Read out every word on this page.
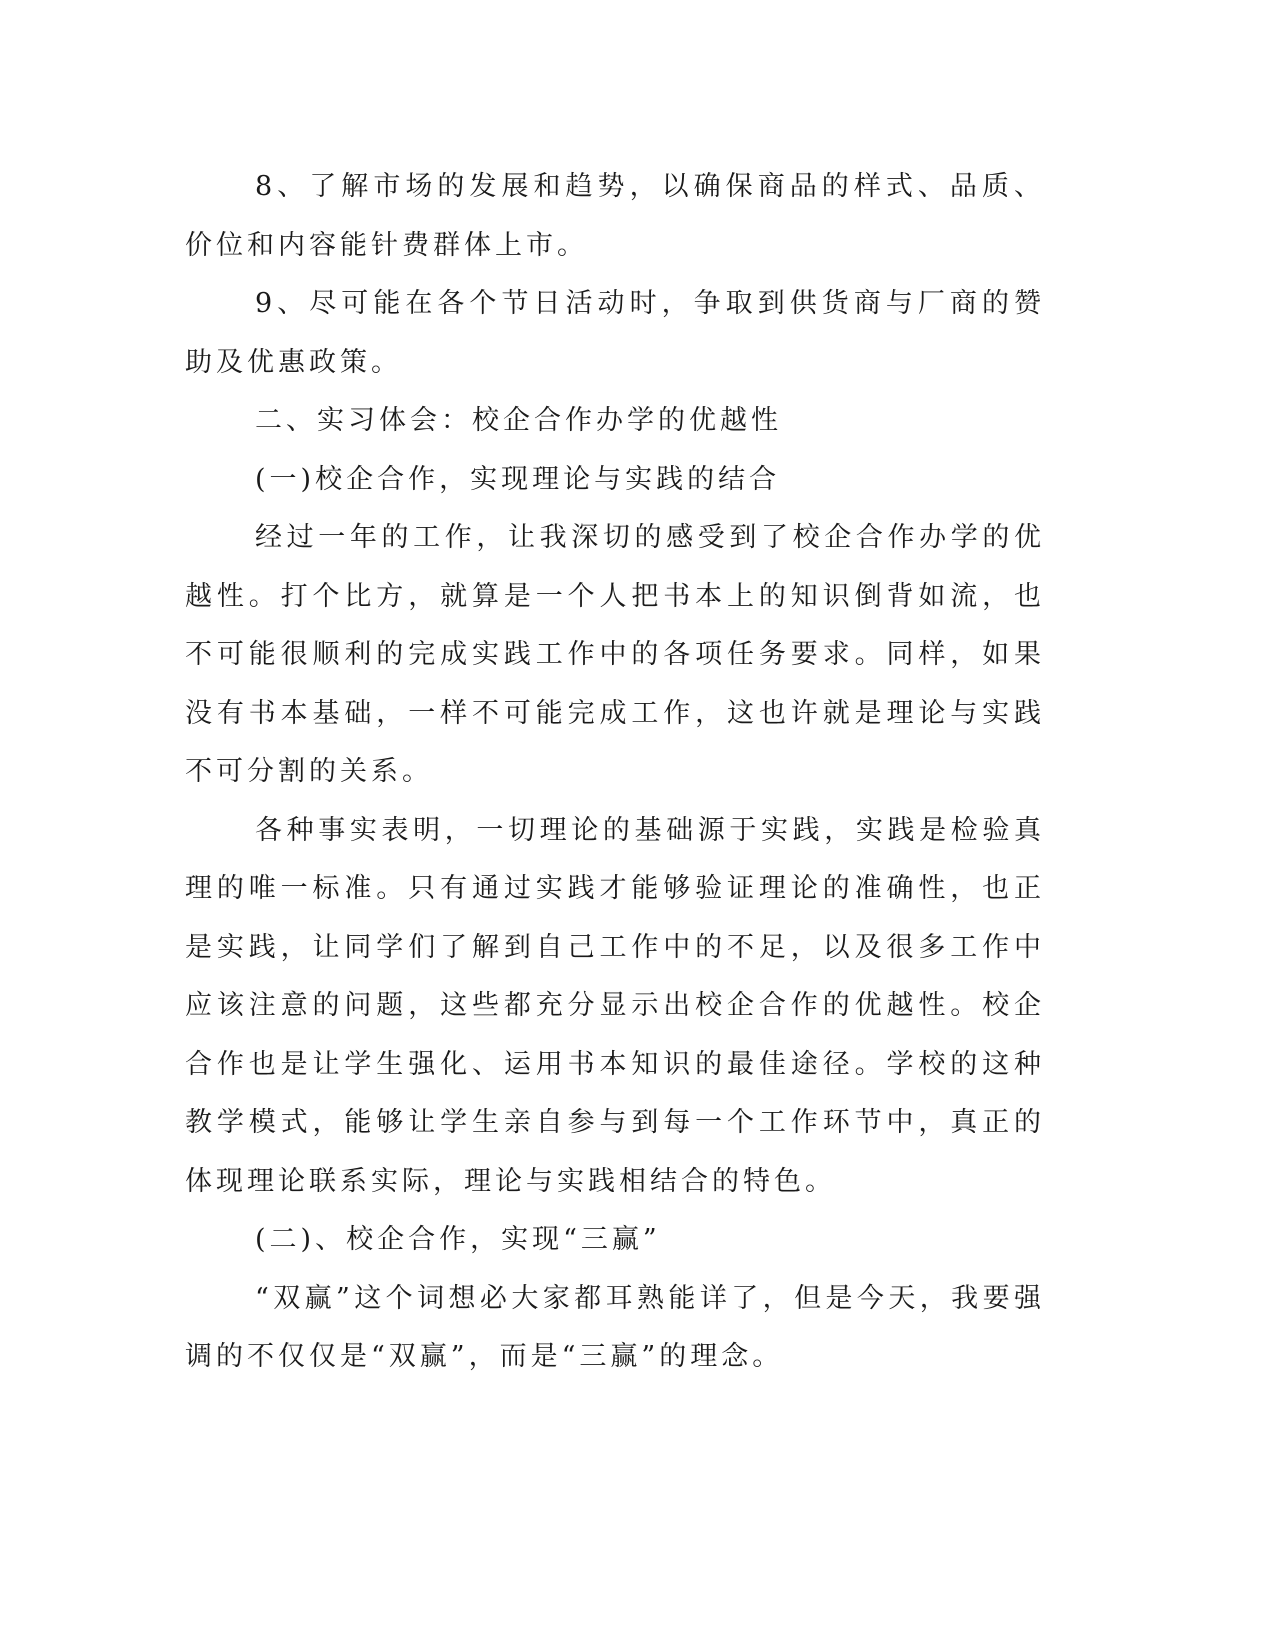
8、了解市场的发展和趋势，以确保商品的样式、品质、价位和内容能针费群体上市。

9、尽可能在各个节日活动时，争取到供货商与厂商的赞助及优惠政策。

二、实习体会：校企合作办学的优越性

(一)校企合作，实现理论与实践的结合

经过一年的工作，让我深切的感受到了校企合作办学的优越性。打个比方，就算是一个人把书本上的知识倒背如流，也不可能很顺利的完成实践工作中的各项任务要求。同样，如果没有书本基础，一样不可能完成工作，这也许就是理论与实践不可分割的关系。

各种事实表明，一切理论的基础源于实践，实践是检验真理的唯一标准。只有通过实践才能够验证理论的准确性，也正是实践，让同学们了解到自己工作中的不足，以及很多工作中应该注意的问题，这些都充分显示出校企合作的优越性。校企合作也是让学生强化、运用书本知识的最佳途径。学校的这种教学模式，能够让学生亲自参与到每一个工作环节中，真正的体现理论联系实际，理论与实践相结合的特色。

(二)、校企合作，实现“三赢”

“双赢”这个词想必大家都耳熟能详了，但是今天，我要强调的不仅仅是“双赢”，而是“三赢”的理念。
